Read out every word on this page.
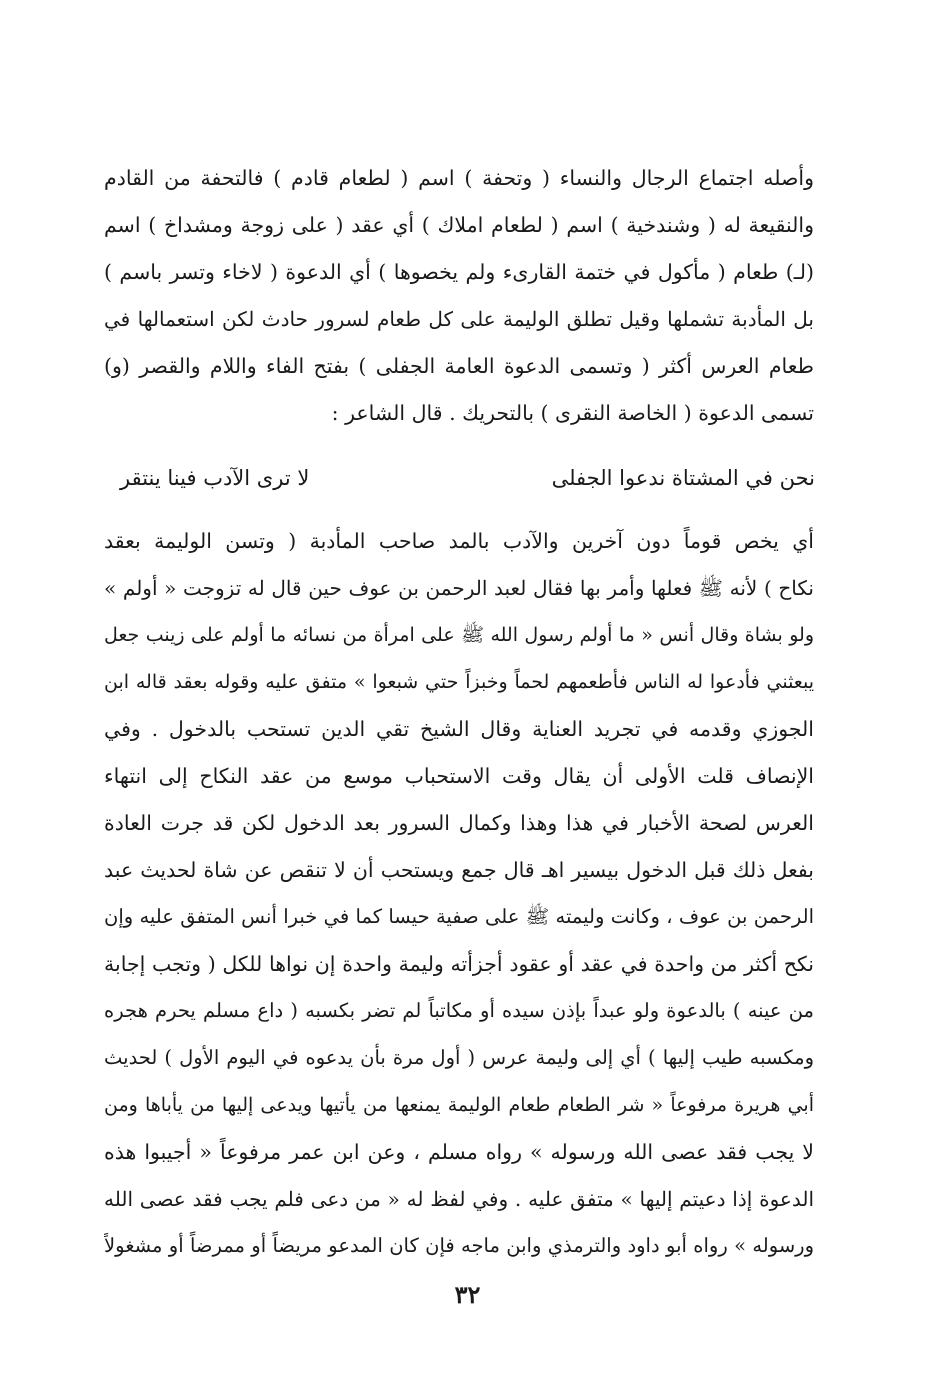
وأصله اجتماع الرجال والنساء ( وتحفة ) اسم ( لطعام قادم ) فالتحفة من القادم
والنقيعة له ( وشندخية ) اسم ( لطعام املاك ) أي عقد ( على زوجة ومشداخ ) اسم
(لـ) طعام ( مأكول في ختمة القارىء ولم يخصوها ) أي الدعوة ( لاخاء وتسر باسم )
بل المأدبة تشملها وقيل تطلق الوليمة على كل طعام لسرور حادث لكن استعمالها في
طعام العرس أكثر ( وتسمى الدعوة العامة الجفلى ) بفتح الفاء واللام والقصر (و)
تسمى الدعوة ( الخاصة النقرى ) بالتحريك . قال الشاعر :
نحن في المشتاة ندعوا الجفلى
لا ترى الآدب فينا ينتقر
أي يخص قوماً دون آخرين والآدب بالمد صاحب المأدبة ( وتسن الوليمة بعقد
نكاح ) لأنه ﷺ فعلها وأمر بها فقال لعبد الرحمن بن عوف حين قال له تزوجت « أولم »
ولو بشاة وقال أنس « ما أولم رسول الله ﷺ على امرأة من نسائه ما أولم على زينب جعل
يبعثني فأدعوا له الناس فأطعمهم لحماً وخبزاً حتي شبعوا » متفق عليه وقوله بعقد قاله ابن
الجوزي وقدمه في تجريد العناية وقال الشيخ تقي الدين تستحب بالدخول . وفي
الإنصاف قلت الأولى أن يقال وقت الاستحباب موسع من عقد النكاح إلى انتهاء
العرس لصحة الأخبار في هذا وهذا وكمال السرور بعد الدخول لكن قد جرت العادة
بفعل ذلك قبل الدخول بيسير اهـ قال جمع ويستحب أن لا تنقص عن شاة لحديث عبد
الرحمن بن عوف ، وكانت وليمته ﷺ على صفية حيسا كما في خبرا أنس المتفق عليه وإن
نكح أكثر من واحدة في عقد أو عقود أجزأته وليمة واحدة إن نواها للكل ( وتجب إجابة
من عينه ) بالدعوة ولو عبداً بإذن سيده أو مكاتباً لم تضر بكسبه ( داع مسلم يحرم هجره
ومكسبه طيب إليها ) أي إلى وليمة عرس ( أول مرة بأن يدعوه في اليوم الأول ) لحديث
أبي هريرة مرفوعاً « شر الطعام طعام الوليمة يمنعها من يأتيها ويدعى إليها من يأباها ومن
لا يجب فقد عصى الله ورسوله » رواه مسلم ، وعن ابن عمر مرفوعاً « أجيبوا هذه
الدعوة إذا دعيتم إليها » متفق عليه . وفي لفظ له « من دعى فلم يجب فقد عصى الله
ورسوله » رواه أبو داود والترمذي وابن ماجه فإن كان المدعو مريضاً أو ممرضاً أو مشغولاً
٣٢
